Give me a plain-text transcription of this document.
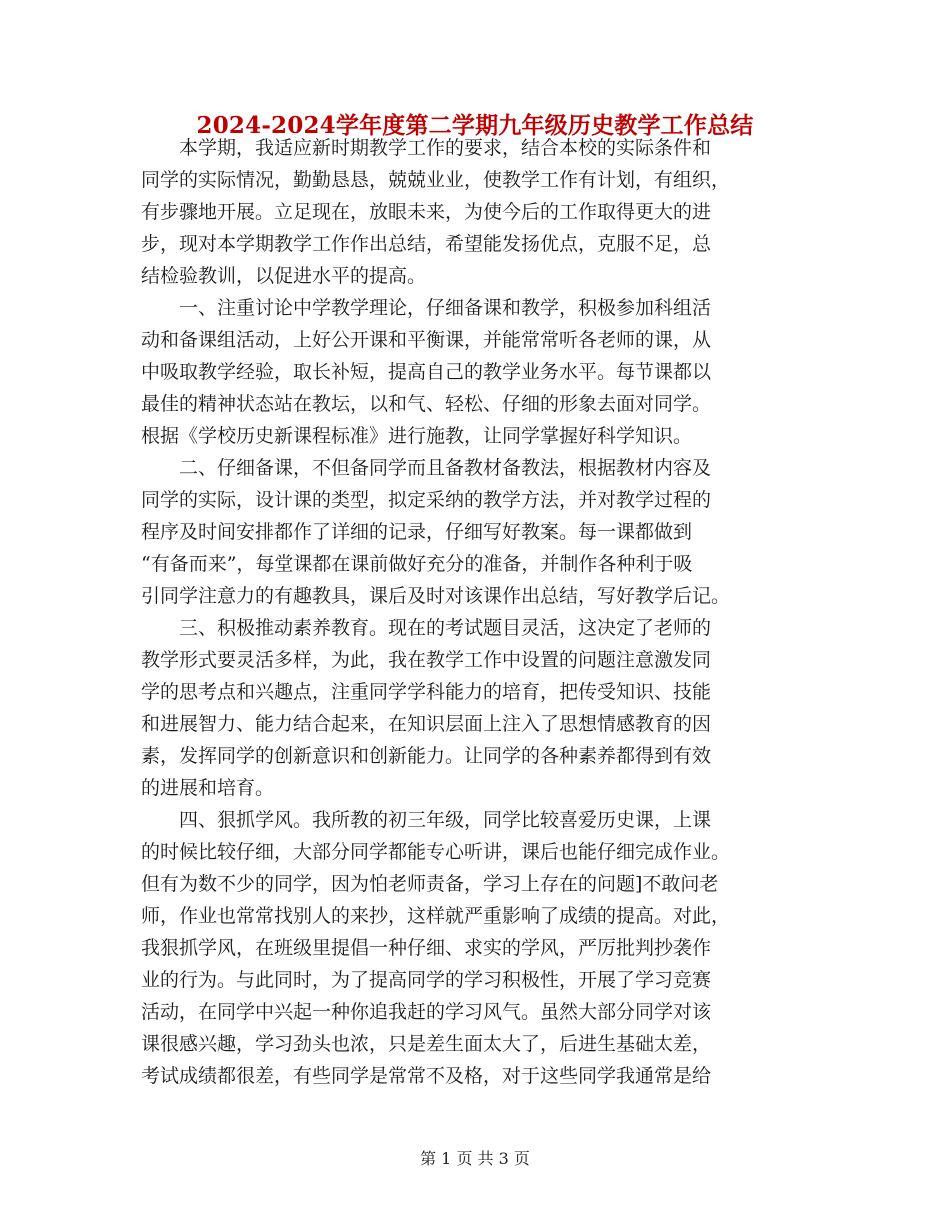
2024-2024学年度第二学期九年级历史教学工作总结
　　本学期，我适应新时期教学工作的要求，结合本校的实际条件和
同学的实际情况，勤勤恳恳，兢兢业业，使教学工作有计划，有组织，
有步骤地开展。立足现在，放眼未来，为使今后的工作取得更大的进
步，现对本学期教学工作作出总结，希望能发扬优点，克服不足，总
结检验教训，以促进水平的提高。
　　一、注重讨论中学教学理论，仔细备课和教学，积极参加科组活
动和备课组活动，上好公开课和平衡课，并能常常听各老师的课，从
中吸取教学经验，取长补短，提高自己的教学业务水平。每节课都以
最佳的精神状态站在教坛，以和气、轻松、仔细的形象去面对同学。
根据《学校历史新课程标准》进行施教，让同学掌握好科学知识。
　　二、仔细备课，不但备同学而且备教材备教法，根据教材内容及
同学的实际，设计课的类型，拟定采纳的教学方法，并对教学过程的
程序及时间安排都作了详细的记录，仔细写好教案。每一课都做到
“有备而来”，每堂课都在课前做好充分的准备，并制作各种利于吸
引同学注意力的有趣教具，课后及时对该课作出总结，写好教学后记。
　　三、积极推动素养教育。现在的考试题目灵活，这决定了老师的
教学形式要灵活多样，为此，我在教学工作中设置的问题注意激发同
学的思考点和兴趣点，注重同学学科能力的培育，把传受知识、技能
和进展智力、能力结合起来，在知识层面上注入了思想情感教育的因
素，发挥同学的创新意识和创新能力。让同学的各种素养都得到有效
的进展和培育。
　　四、狠抓学风。我所教的初三年级，同学比较喜爱历史课，上课
的时候比较仔细，大部分同学都能专心听讲，课后也能仔细完成作业。
但有为数不少的同学，因为怕老师责备，学习上存在的问题]不敢问老
师，作业也常常找别人的来抄，这样就严重影响了成绩的提高。对此，
我狠抓学风，在班级里提倡一种仔细、求实的学风，严厉批判抄袭作
业的行为。与此同时，为了提高同学的学习积极性，开展了学习竞赛
活动，在同学中兴起一种你追我赶的学习风气。虽然大部分同学对该
课很感兴趣，学习劲头也浓，只是差生面太大了，后进生基础太差，
考试成绩都很差，有些同学是常常不及格，对于这些同学我通常是给
第 1 页 共 3 页
